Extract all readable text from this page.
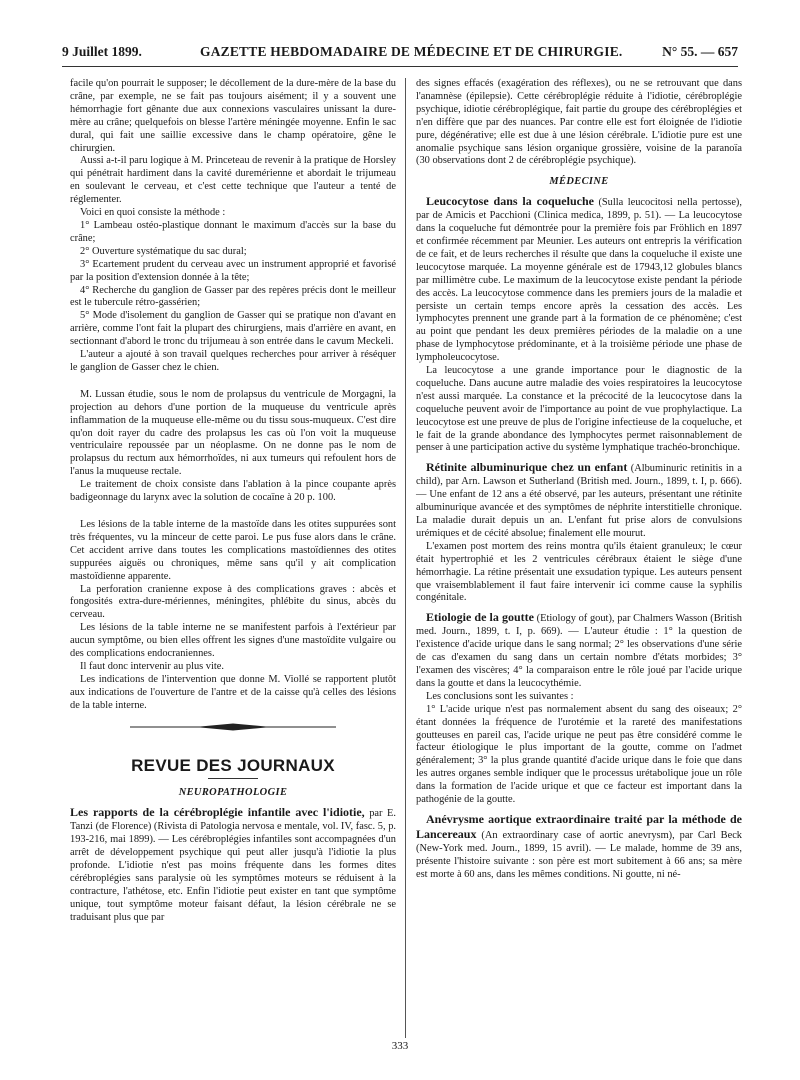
9 Juillet 1899.	GAZETTE HEBDOMADAIRE DE MÉDECINE ET DE CHIRURGIE.	N° 55. — 657

facile qu'on pourrait le supposer; le décollement de la dure-mère de la base du crâne, par exemple, ne se fait pas toujours aisément; il y a souvent une hémorrhagie fort gênante due aux connexions vasculaires unissant la dure-mère au crâne; quelquefois on blesse l'artère méningée moyenne. Enfin le sac dural, qui fait une saillie excessive dans le champ opératoire, gêne le chirurgien.

Aussi a-t-il paru logique à M. Princeteau de revenir à la pratique de Horsley qui pénétrait hardiment dans la cavité duremérienne et abordait le trijumeau en soulevant le cerveau, et c'est cette technique que l'auteur a tenté de réglementer.

Voici en quoi consiste la méthode :

1° Lambeau ostéo-plastique donnant le maximum d'accès sur la base du crâne;

2° Ouverture systématique du sac dural;

3° Ecartement prudent du cerveau avec un instrument approprié et favorisé par la position d'extension donnée à la tête;

4° Recherche du ganglion de Gasser par des repères précis dont le meilleur est le tubercule rétro-gassérien;

5° Mode d'isolement du ganglion de Gasser qui se pratique non d'avant en arrière, comme l'ont fait la plupart des chirurgiens, mais d'arrière en avant, en sectionnant d'abord le tronc du trijumeau à son entrée dans le cavum Meckeli.

L'auteur a ajouté à son travail quelques recherches pour arriver à réséquer le ganglion de Gasser chez le chien.

M. Lussan étudie, sous le nom de prolapsus du ventricule de Morgagni, la projection au dehors d'une portion de la muqueuse du ventricule après inflammation de la muqueuse elle-même ou du tissu sous-muqueux. C'est dire qu'on doit rayer du cadre des prolapsus les cas où l'on voit la muqueuse ventriculaire repoussée par un néoplasme. On ne donne pas le nom de prolapsus du rectum aux hémorrhoïdes, ni aux tumeurs qui refoulent hors de l'anus la muqueuse rectale.

Le traitement de choix consiste dans l'ablation à la pince coupante après badigeonnage du larynx avec la solution de cocaïne à 20 p. 100.

Les lésions de la table interne de la mastoïde dans les otites suppurées sont très fréquentes, vu la minceur de cette paroi. Le pus fuse alors dans le crâne. Cet accident arrive dans toutes les complications mastoïdiennes des otites suppurées aiguës ou chroniques, même sans qu'il y ait complication mastoïdienne apparente.

La perforation cranienne expose à des complications graves : abcès et fongosités extra-dure-mériennes, méningites, phlébite du sinus, abcès du cerveau.

Les lésions de la table interne ne se manifestent parfois à l'extérieur par aucun symptôme, ou bien elles offrent les signes d'une mastoïdite vulgaire ou des complications endocraniennes.

Il faut donc intervenir au plus vite.

Les indications de l'intervention que donne M. Viollé se rapportent plutôt aux indications de l'ouverture de l'antre et de la caisse qu'à celles des lésions de la table interne.

REVUE DES JOURNAUX
NEUROPATHOLOGIE

Les rapports de la cérébroplégie infantile avec l'idiotie, par E. Tanzi (de Florence) (Rivista di Patologia nervosa e mentale, vol. IV, fasc. 5, p. 193-216, mai 1899). — Les cérébroplégies infantiles sont accompagnées d'un arrêt de développement psychique qui peut aller jusqu'à l'idiotie la plus profonde. L'idiotie n'est pas moins fréquente dans les formes dites cérébroplégies sans paralysie où les symptômes moteurs se réduisent à la contracture, l'athétose, etc. Enfin l'idiotie peut exister en tant que symptôme unique, tout symptôme moteur faisant défaut, la lésion cérébrale ne se traduisant plus que par

des signes effacés (exagération des réflexes), ou ne se retrouvant que dans l'anamnèse (épilepsie). Cette cérébroplégie réduite à l'idiotie, cérébroplégie psychique, idiotie cérébroplégique, fait partie du groupe des cérébroplégies et n'en diffère que par des nuances. Par contre elle est fort éloignée de l'idiotie pure, dégénérative; elle est due à une lésion cérébrale. L'idiotie pure est une anomalie psychique sans lésion organique grossière, voisine de la paranoïa (30 observations dont 2 de cérébroplégie psychique).

MÉDECINE

Leucocytose dans la coqueluche (Sulla leucocitosi nella pertosse), par de Amicis et Pacchioni (Clinica medica, 1899, p. 51). — La leucocytose dans la coqueluche fut démontrée pour la première fois par Fröhlich en 1897 et confirmée récemment par Meunier. Les auteurs ont entrepris la vérification de ce fait, et de leurs recherches il résulte que dans la coqueluche il existe une leucocytose marquée. La moyenne générale est de 17943,12 globules blancs par millimètre cube. Le maximum de la leucocytose existe pendant la période des accès. La leucocytose commence dans les premiers jours de la maladie et persiste un certain temps encore après la cessation des accès. Les lymphocytes prennent une grande part à la formation de ce phénomène; c'est au point que pendant les deux premières périodes de la maladie on a une phase de lymphocytose prédominante, et à la troisième période une phase de lympholeucocytose.

La leucocytose a une grande importance pour le diagnostic de la coqueluche. Dans aucune autre maladie des voies respiratoires la leucocytose n'est aussi marquée. La constance et la précocité de la leucocytose dans la coqueluche peuvent avoir de l'importance au point de vue prophylactique. La leucocytose est une preuve de plus de l'origine infectieuse de la coqueluche, et le fait de la grande abondance des lymphocytes permet raisonnablement de penser à une participation active du système lymphatique trachéo-bronchique.

Rétinite albuminurique chez un enfant (Albuminuric retinitis in a child), par Arn. Lawson et Sutherland (British med. Journ., 1899, t. I, p. 666). — Une enfant de 12 ans a été observé, par les auteurs, présentant une rétinite albuminurique avancée et des symptômes de néphrite interstitielle chronique. La maladie durait depuis un an. L'enfant fut prise alors de convulsions urémiques et de cécité absolue; finalement elle mourut.

L'examen post mortem des reins montra qu'ils étaient granuleux; le cœur était hypertrophié et les 2 ventricules cérébraux étaient le siège d'une hémorrhagie. La rétine présentait une exsudation typique. Les auteurs pensent que vraisemblablement il faut faire intervenir ici comme cause la syphilis congénitale.

Etiologie de la goutte (Etiology of gout), par Chalmers Wasson (British med. Journ., 1899, t. I, p. 669). — L'auteur étudie : 1° la question de l'existence d'acide urique dans le sang normal; 2° les observations d'une série de cas d'examen du sang dans un certain nombre d'états morbides; 3° l'examen des viscères; 4° la comparaison entre le rôle joué par l'acide urique dans la goutte et dans la leucocythémie.

Les conclusions sont les suivantes :

1° L'acide urique n'est pas normalement absent du sang des oiseaux; 2° étant données la fréquence de l'urotémie et la rareté des manifestations goutteuses en pareil cas, l'acide urique ne peut pas être considéré comme le facteur étiologique le plus important de la goutte, comme on l'admet généralement; 3° la plus grande quantité d'acide urique dans le foie que dans les autres organes semble indiquer que le processus urétabolique joue un rôle dans la formation de l'acide urique et que ce facteur est important dans la pathogénie de la goutte.

Anévrysme aortique extraordinaire traité par la méthode de Lancereaux (An extraordinary case of aortic anevrysm), par Carl Beck (New-York med. Journ., 1899, 15 avril). — Le malade, homme de 39 ans, présente l'histoire suivante : son père est mort subitement à 66 ans; sa mère est morte à 60 ans, dans les mêmes conditions. Ni goutte, ni né-

333
